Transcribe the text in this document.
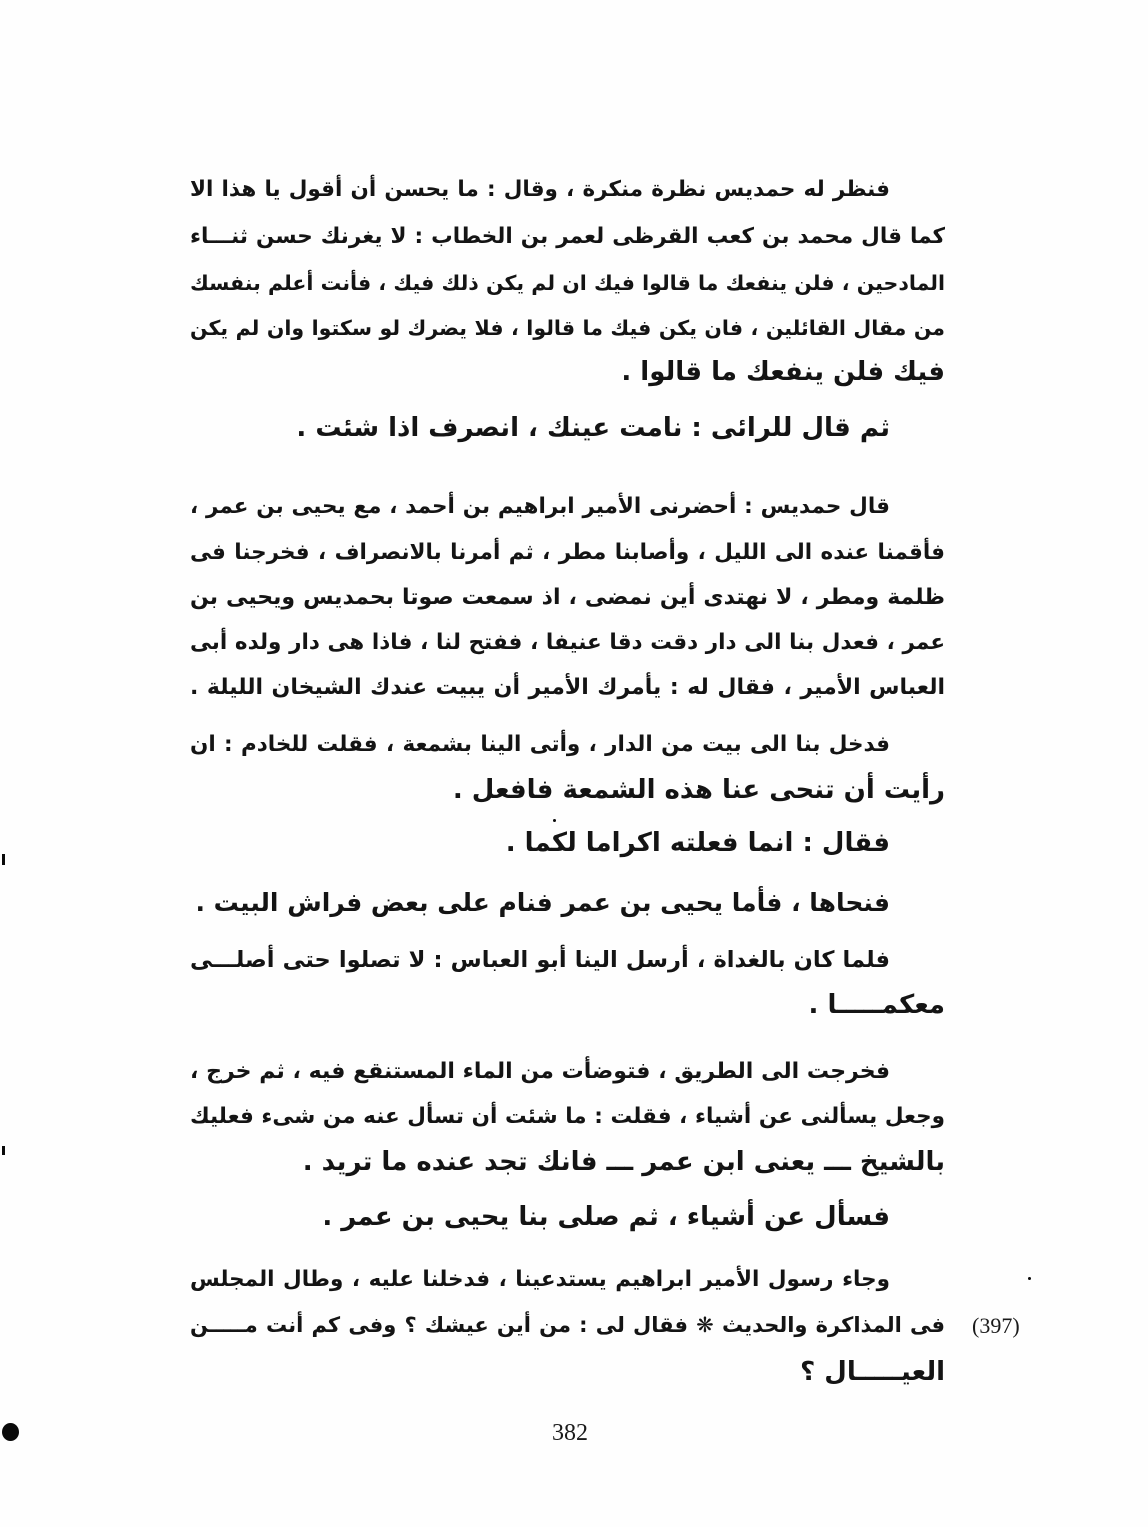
فنظر له حمديس نظرة منكرة ، وقال : ما يحسن أن أقول يا هذا الا
كما قال محمد بن كعب القرظى لعمر بن الخطاب : لا يغرنك حسن ثنـــاء
المادحين ، فلن ينفعك ما قالوا فيك ان لم يكن ذلك فيك ، فأنت أعلم بنفسك
من مقال القائلين ، فان يكن فيك ما قالوا ، فلا يضرك لو سكتوا وان لم يكن
فيك فلن ينفعك ما قالوا .
ثم قال للرائى : نامت عينك ، انصرف اذا شئت .
قال حمديس : أحضرنى الأمير ابراهيم بن أحمد ، مع يحيى بن عمر ،
فأقمنا عنده الى الليل ، وأصابنا مطر ، ثم أمرنا بالانصراف ، فخرجنا فى
ظلمة ومطر ، لا نهتدى أين نمضى ، اذ سمعت صوتا بحمديس ويحيى بن
عمر ، فعدل بنا الى دار دقت دقا عنيفا ، ففتح لنا ، فاذا هى دار ولده أبى
العباس الأمير ، فقال له : يأمرك الأمير أن يبيت عندك الشيخان الليلة .
فدخل بنا الى بيت من الدار ، وأتى الينا بشمعة ، فقلت للخادم : ان
رأيت أن تنحى عنا هذه الشمعة فافعل .
فقال : انما فعلته اكراما لكما .
فنحاها ، فأما يحيى بن عمر فنام على بعض فراش البيت .
فلما كان بالغداة ، أرسل الينا أبو العباس : لا تصلوا حتى أصلـــى
معكمـــــا .
فخرجت الى الطريق ، فتوضأت من الماء المستنقع فيه ، ثم خرج ،
وجعل يسألنى عن أشياء ، فقلت : ما شئت أن تسأل عنه من شىء فعليك
بالشيخ ـــ يعنى ابن عمر ـــ فانك تجد عنده ما تريد .
فسأل عن أشياء ، ثم صلى بنا يحيى بن عمر .
وجاء رسول الأمير ابراهيم يستدعينا ، فدخلنا عليه ، وطال المجلس
فى المذاكرة والحديث ❋ فقال لى : من أين عيشك ؟ وفى كم أنت مـــــن
العيـــــال ؟
(397)
382
